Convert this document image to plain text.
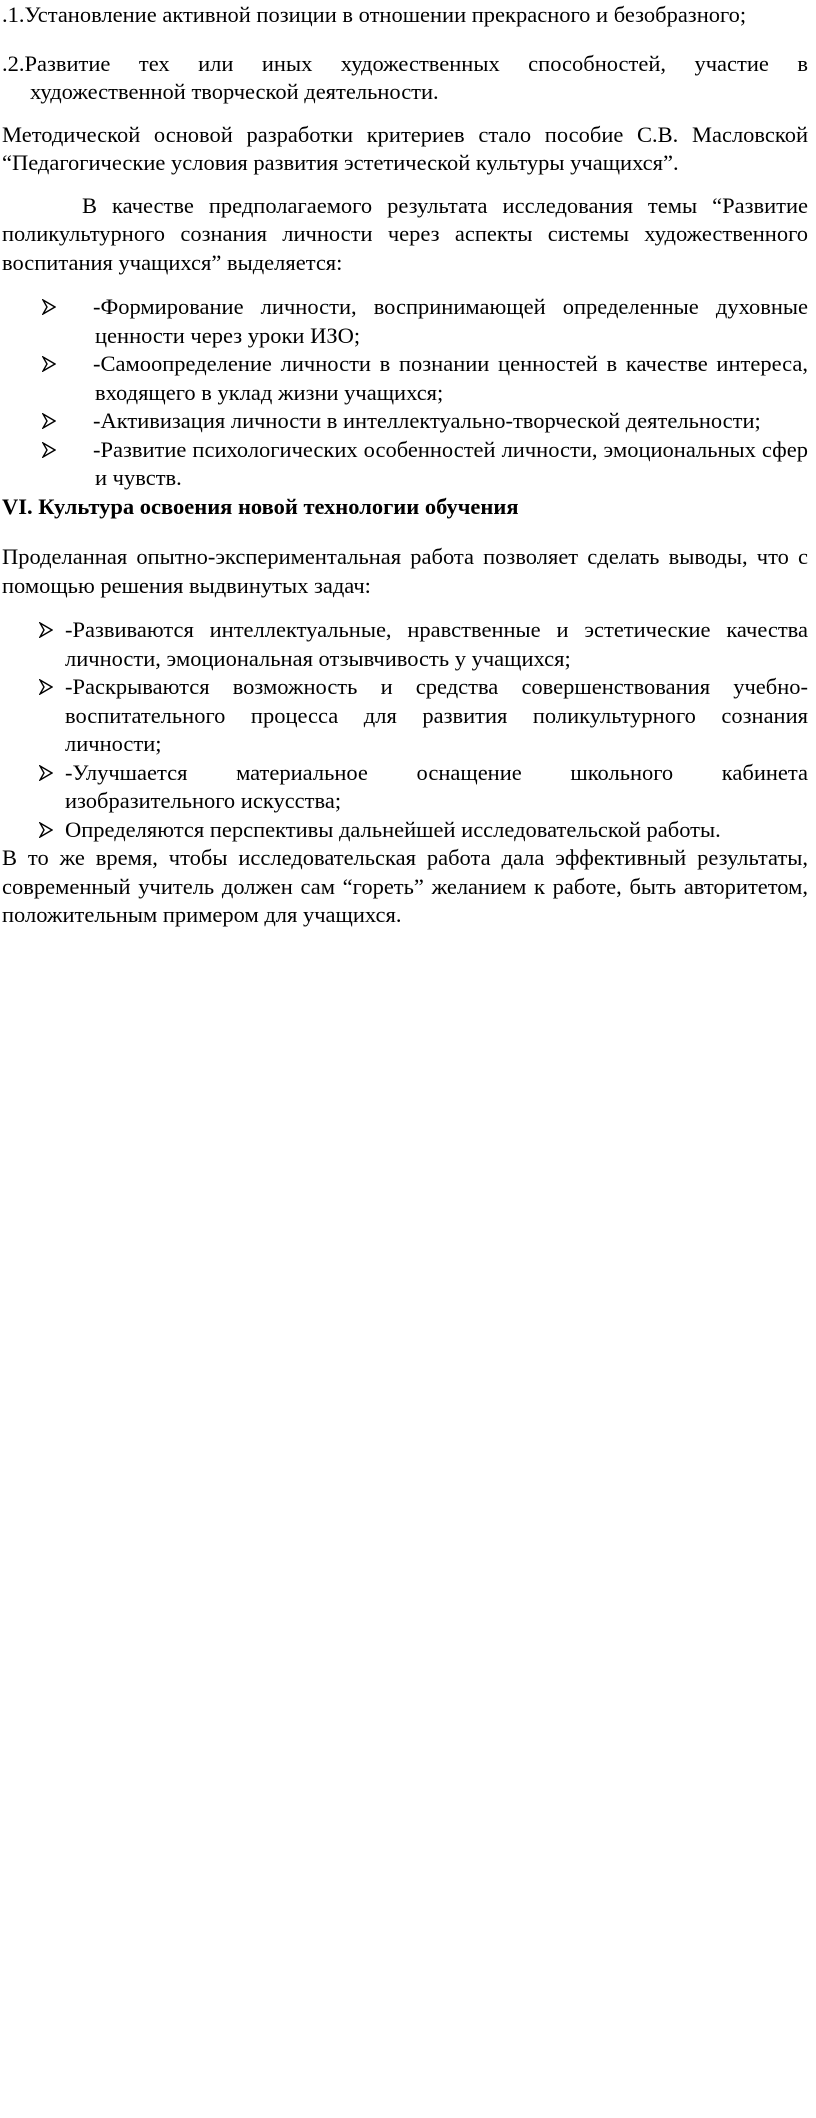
.1.Установление активной позиции в отношении прекрасного и безобразного;

.2.Развитие тех или иных художественных способностей, участие в художественной творческой деятельности.

Методической основой разработки критериев стало пособие С.В. Масловской “Педагогические условия развития эстетической культуры учащихся”.

В качестве предполагаемого результата исследования темы “Развитие поликультурного сознания личности через аспекты системы художественного воспитания учащихся” выделяется:

-Формирование личности, воспринимающей определенные духовные ценности через уроки ИЗО;
-Самоопределение личности в познании ценностей в качестве интереса, входящего в уклад жизни учащихся;
-Активизация личности в интеллектуально-творческой деятельности;
-Развитие психологических особенностей личности, эмоциональных сфер и чувств.
VI. Культура освоения новой технологии обучения

Проделанная опытно-экспериментальная работа позволяет сделать выводы, что с помощью решения выдвинутых задач:

-Развиваются интеллектуальные, нравственные и эстетические качества личности, эмоциональная отзывчивость у учащихся;
-Раскрываются возможность и средства совершенствования учебно-воспитательного процесса для развития поликультурного сознания личности;
-Улучшается материальное оснащение школьного кабинета изобразительного искусства;
Определяются перспективы дальнейшей исследовательской работы.

В то же время, чтобы исследовательская работа дала эффективный результаты, современный учитель должен сам “гореть” желанием к работе, быть авторитетом, положительным примером для учащихся.
